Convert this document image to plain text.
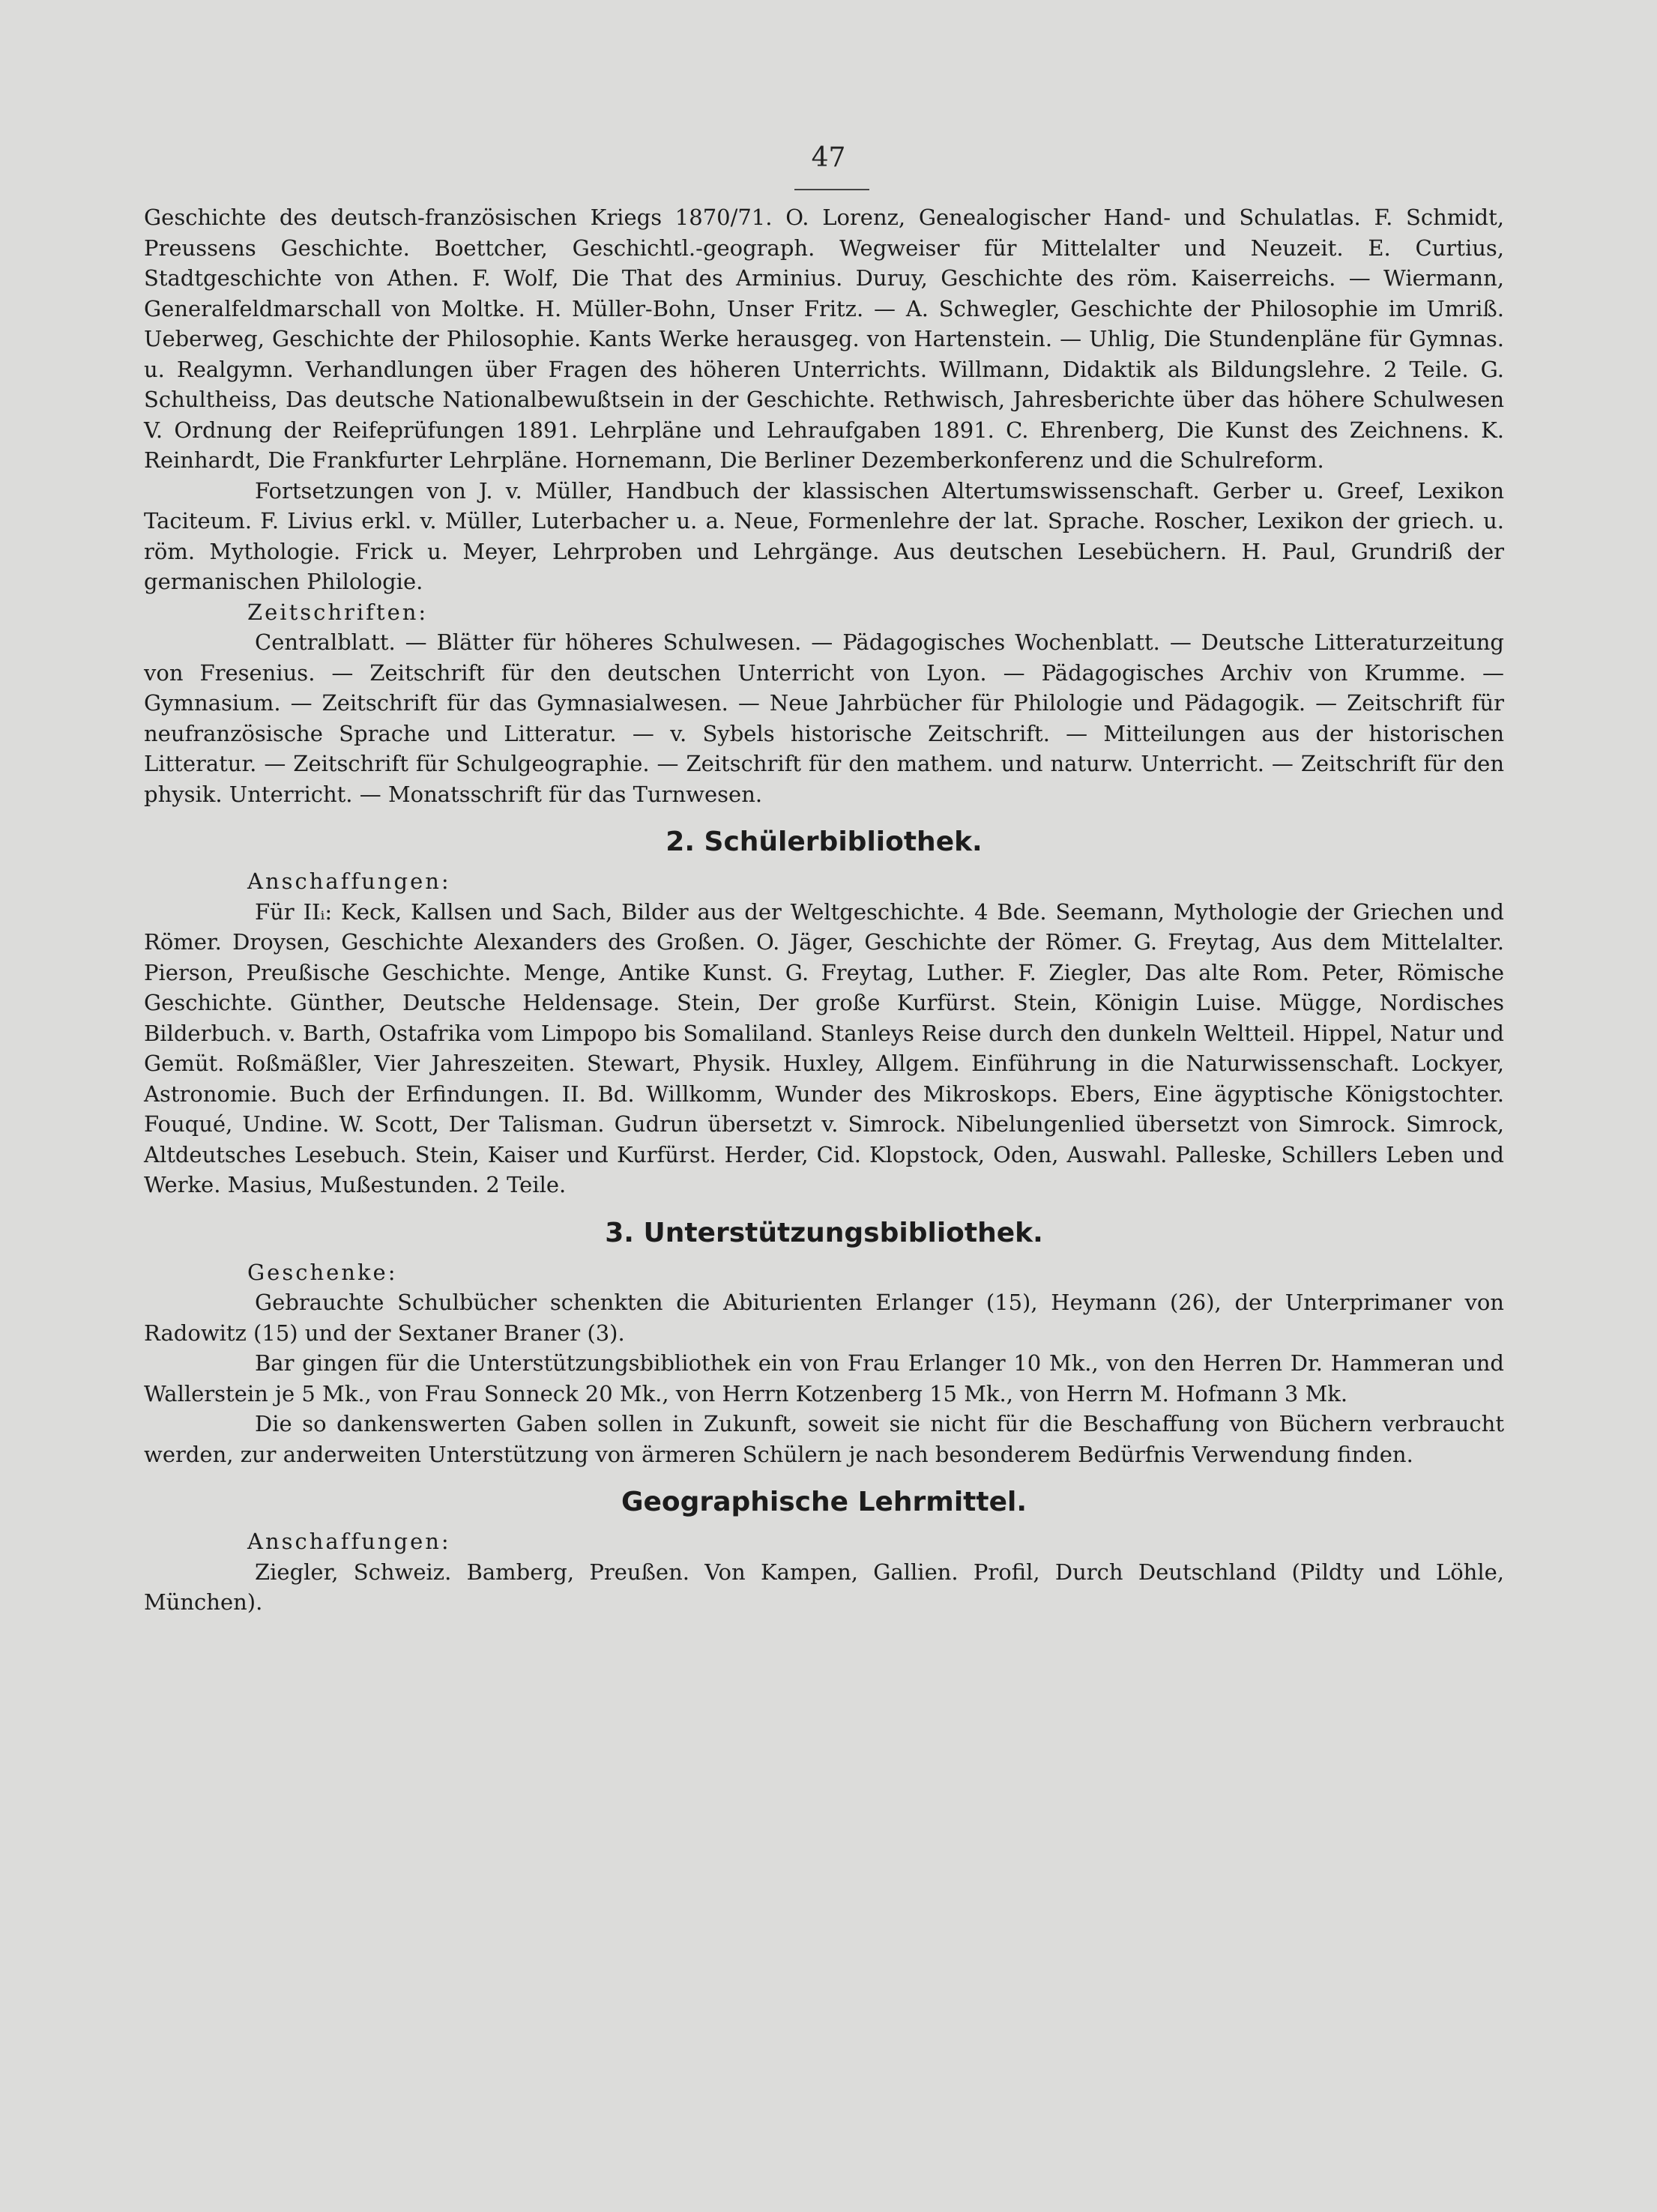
47

Geschichte des deutsch-französischen Kriegs 1870/71. O. Lorenz, Genealogischer Hand- und Schulatlas. F. Schmidt, Preussens Geschichte. Boettcher, Geschichtl.-geograph. Wegweiser für Mittelalter und Neuzeit. E. Curtius, Stadtgeschichte von Athen. F. Wolf, Die That des Arminius. Duruy, Geschichte des röm. Kaiserreichs. — Wiermann, Generalfeldmarschall von Moltke. H. Müller-Bohn, Unser Fritz. — A. Schwegler, Geschichte der Philosophie im Umriß. Ueberweg, Geschichte der Philosophie. Kants Werke herausgeg. von Hartenstein. — Uhlig, Die Stundenpläne für Gymnas. u. Realgymn. Verhandlungen über Fragen des höheren Unterrichts. Willmann, Didaktik als Bildungslehre. 2 Teile. G. Schultheiss, Das deutsche Nationalbewußtsein in der Geschichte. Rethwisch, Jahresberichte über das höhere Schulwesen V. Ordnung der Reifeprüfungen 1891. Lehrpläne und Lehraufgaben 1891. C. Ehrenberg, Die Kunst des Zeichnens. K. Reinhardt, Die Frankfurter Lehrpläne. Hornemann, Die Berliner Dezemberkonferenz und die Schulreform.

Fortsetzungen von J. v. Müller, Handbuch der klassischen Altertumswissenschaft. Gerber u. Greef, Lexikon Taciteum. F. Livius erkl. v. Müller, Luterbacher u. a. Neue, Formenlehre der lat. Sprache. Roscher, Lexikon der griech. u. röm. Mythologie. Frick u. Meyer, Lehrproben und Lehrgänge. Aus deutschen Lesebüchern. H. Paul, Grundriß der germanischen Philologie.

Zeitschriften:

Centralblatt. — Blätter für höheres Schulwesen. — Pädagogisches Wochenblatt. — Deutsche Litteraturzeitung von Fresenius. — Zeitschrift für den deutschen Unterricht von Lyon. — Pädagogisches Archiv von Krumme. — Gymnasium. — Zeitschrift für das Gymnasialwesen. — Neue Jahrbücher für Philologie und Pädagogik. — Zeitschrift für neufranzösische Sprache und Litteratur. — v. Sybels historische Zeitschrift. — Mitteilungen aus der historischen Litteratur. — Zeitschrift für Schulgeographie. — Zeitschrift für den mathem. und naturw. Unterricht. — Zeitschrift für den physik. Unterricht. — Monatsschrift für das Turnwesen.

2. Schülerbibliothek.

Anschaffungen:

Für IIᵢ: Keck, Kallsen und Sach, Bilder aus der Weltgeschichte. 4 Bde. Seemann, Mythologie der Griechen und Römer. Droysen, Geschichte Alexanders des Großen. O. Jäger, Geschichte der Römer. G. Freytag, Aus dem Mittelalter. Pierson, Preußische Geschichte. Menge, Antike Kunst. G. Freytag, Luther. F. Ziegler, Das alte Rom. Peter, Römische Geschichte. Günther, Deutsche Heldensage. Stein, Der große Kurfürst. Stein, Königin Luise. Mügge, Nordisches Bilderbuch. v. Barth, Ostafrika vom Limpopo bis Somaliland. Stanleys Reise durch den dunkeln Weltteil. Hippel, Natur und Gemüt. Roßmäßler, Vier Jahreszeiten. Stewart, Physik. Huxley, Allgem. Einführung in die Naturwissenschaft. Lockyer, Astronomie. Buch der Erfindungen. II. Bd. Willkomm, Wunder des Mikroskops. Ebers, Eine ägyptische Königstochter. Fouqué, Undine. W. Scott, Der Talisman. Gudrun übersetzt v. Simrock. Nibelungenlied übersetzt von Simrock. Simrock, Altdeutsches Lesebuch. Stein, Kaiser und Kurfürst. Herder, Cid. Klopstock, Oden, Auswahl. Palleske, Schillers Leben und Werke. Masius, Mußestunden. 2 Teile.

3. Unterstützungsbibliothek.

Geschenke:

Gebrauchte Schulbücher schenkten die Abiturienten Erlanger (15), Heymann (26), der Unterprimaner von Radowitz (15) und der Sextaner Braner (3).

Bar gingen für die Unterstützungsbibliothek ein von Frau Erlanger 10 Mk., von den Herren Dr. Hammeran und Wallerstein je 5 Mk., von Frau Sonneck 20 Mk., von Herrn Kotzenberg 15 Mk., von Herrn M. Hofmann 3 Mk.

Die so dankenswerten Gaben sollen in Zukunft, soweit sie nicht für die Beschaffung von Büchern verbraucht werden, zur anderweiten Unterstützung von ärmeren Schülern je nach besonderem Bedürfnis Verwendung finden.

Geographische Lehrmittel.

Anschaffungen:

Ziegler, Schweiz. Bamberg, Preußen. Von Kampen, Gallien. Profil, Durch Deutschland (Pildty und Löhle, München).
